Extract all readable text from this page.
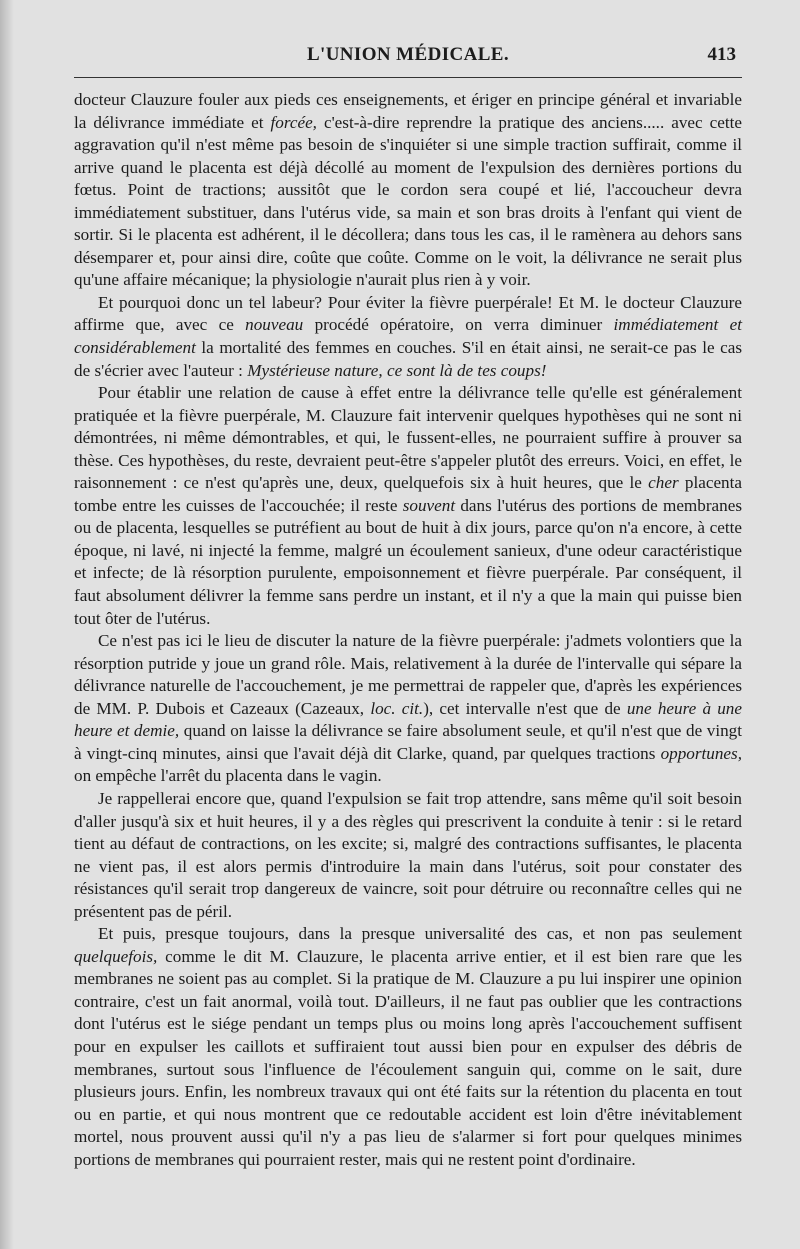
L'UNION MÉDICALE.	413

docteur Clauzure fouler aux pieds ces enseignements, et ériger en principe général et invariable la délivrance immédiate et forcée, c'est-à-dire reprendre la pratique des anciens..... avec cette aggravation qu'il n'est même pas besoin de s'inquiéter si une simple traction suffirait, comme il arrive quand le placenta est déjà décollé au moment de l'expulsion des dernières portions du fœtus. Point de tractions; aussitôt que le cordon sera coupé et lié, l'accoucheur devra immédiatement substituer, dans l'utérus vide, sa main et son bras droits à l'enfant qui vient de sortir. Si le placenta est adhérent, il le décollera; dans tous les cas, il le ramènera au dehors sans désemparer et, pour ainsi dire, coûte que coûte. Comme on le voit, la délivrance ne serait plus qu'une affaire mécanique; la physiologie n'aurait plus rien à y voir.

Et pourquoi donc un tel labeur? Pour éviter la fièvre puerpérale! Et M. le docteur Clauzure affirme que, avec ce nouveau procédé opératoire, on verra diminuer immédiatement et considérablement la mortalité des femmes en couches. S'il en était ainsi, ne serait-ce pas le cas de s'écrier avec l'auteur : Mystérieuse nature, ce sont là de tes coups!

Pour établir une relation de cause à effet entre la délivrance telle qu'elle est généralement pratiquée et la fièvre puerpérale, M. Clauzure fait intervenir quelques hypothèses qui ne sont ni démontrées, ni même démontrables, et qui, le fussent-elles, ne pourraient suffire à prouver sa thèse. Ces hypothèses, du reste, devraient peut-être s'appeler plutôt des erreurs. Voici, en effet, le raisonnement : ce n'est qu'après une, deux, quelquefois six à huit heures, que le cher placenta tombe entre les cuisses de l'accouchée; il reste souvent dans l'utérus des portions de membranes ou de placenta, lesquelles se putréfient au bout de huit à dix jours, parce qu'on n'a encore, à cette époque, ni lavé, ni injecté la femme, malgré un écoulement sanieux, d'une odeur caractéristique et infecte; de là résorption purulente, empoisonnement et fièvre puerpérale. Par conséquent, il faut absolument délivrer la femme sans perdre un instant, et il n'y a que la main qui puisse bien tout ôter de l'utérus.

Ce n'est pas ici le lieu de discuter la nature de la fièvre puerpérale: j'admets volontiers que la résorption putride y joue un grand rôle. Mais, relativement à la durée de l'intervalle qui sépare la délivrance naturelle de l'accouchement, je me permettrai de rappeler que, d'après les expériences de MM. P. Dubois et Cazeaux (Cazeaux, loc. cit.), cet intervalle n'est que de une heure à une heure et demie, quand on laisse la délivrance se faire absolument seule, et qu'il n'est que de vingt à vingt-cinq minutes, ainsi que l'avait déjà dit Clarke, quand, par quelques tractions opportunes, on empêche l'arrêt du placenta dans le vagin.

Je rappellerai encore que, quand l'expulsion se fait trop attendre, sans même qu'il soit besoin d'aller jusqu'à six et huit heures, il y a des règles qui prescrivent la conduite à tenir : si le retard tient au défaut de contractions, on les excite; si, malgré des contractions suffisantes, le placenta ne vient pas, il est alors permis d'introduire la main dans l'utérus, soit pour constater des résistances qu'il serait trop dangereux de vaincre, soit pour détruire ou reconnaître celles qui ne présentent pas de péril.

Et puis, presque toujours, dans la presque universalité des cas, et non pas seulement quelquefois, comme le dit M. Clauzure, le placenta arrive entier, et il est bien rare que les membranes ne soient pas au complet. Si la pratique de M. Clauzure a pu lui inspirer une opinion contraire, c'est un fait anormal, voilà tout. D'ailleurs, il ne faut pas oublier que les contractions dont l'utérus est le siége pendant un temps plus ou moins long après l'accouchement suffisent pour en expulser les caillots et suffiraient tout aussi bien pour en expulser des débris de membranes, surtout sous l'influence de l'écoulement sanguin qui, comme on le sait, dure plusieurs jours. Enfin, les nombreux travaux qui ont été faits sur la rétention du placenta en tout ou en partie, et qui nous montrent que ce redoutable accident est loin d'être inévitablement mortel, nous prouvent aussi qu'il n'y a pas lieu de s'alarmer si fort pour quelques minimes portions de membranes qui pourraient rester, mais qui ne restent point d'ordinaire.
